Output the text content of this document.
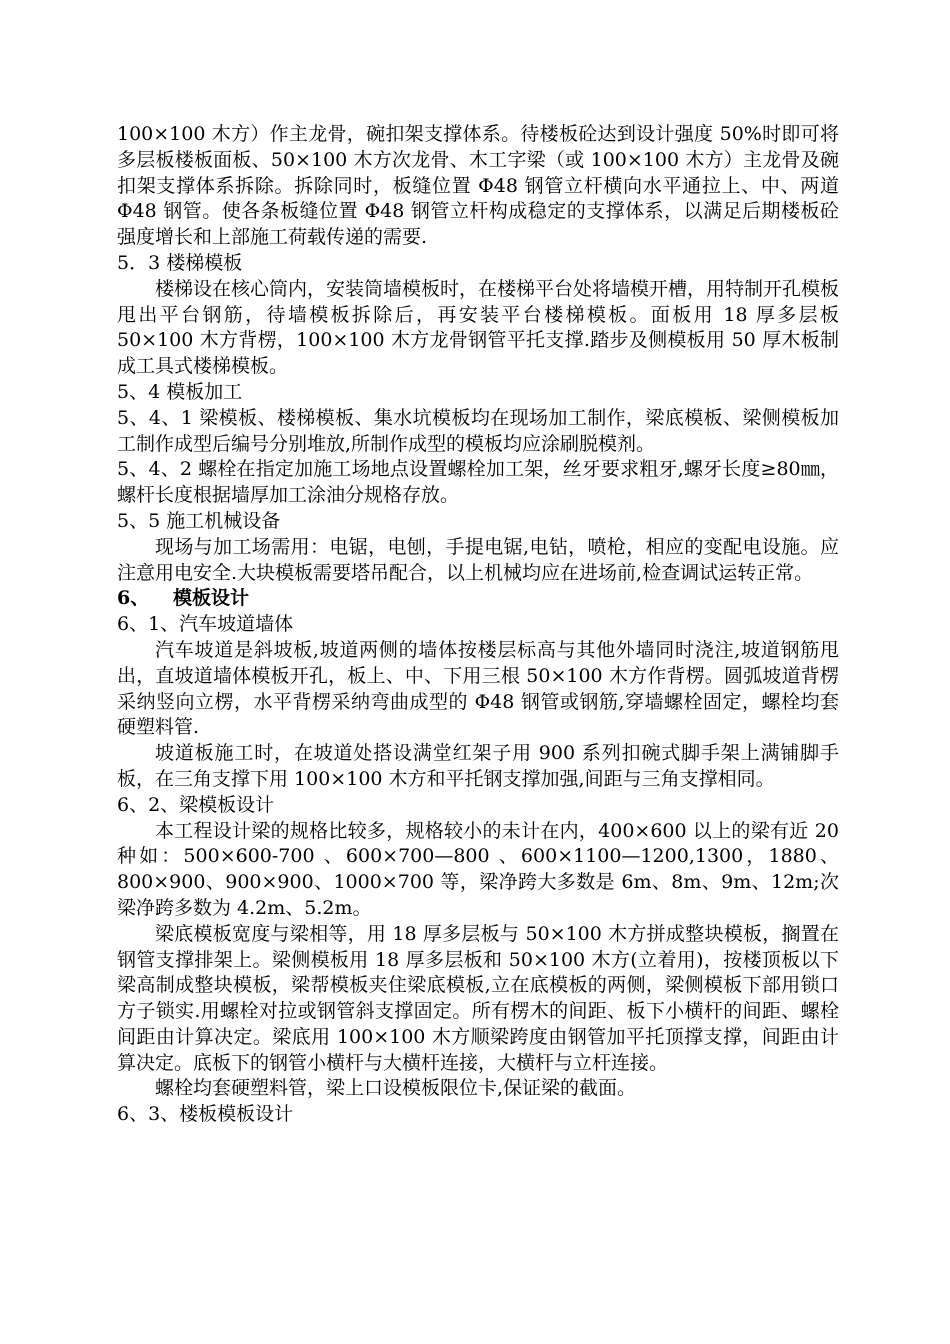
100×100 木方）作主龙骨，碗扣架支撑体系。待楼板砼达到设计强度 50%时即可将多层板楼板面板、50×100 木方次龙骨、木工字梁（或 100×100 木方）主龙骨及碗扣架支撑体系拆除。拆除同时，板缝位置 Φ48 钢管立杆横向水平通拉上、中、两道 Φ48 钢管。使各条板缝位置 Φ48 钢管立杆构成稳定的支撑体系，以满足后期楼板砼强度增长和上部施工荷载传递的需要.

5．3 楼梯模板

楼梯设在核心筒内，安装筒墙模板时，在楼梯平台处将墙模开槽，用特制开孔模板甩出平台钢筋，待墙模板拆除后，再安装平台楼梯模板。面板用 18 厚多层板 50×100 木方背楞，100×100 木方龙骨钢管平托支撑.踏步及侧模板用 50 厚木板制成工具式楼梯模板。

5、4 模板加工

5、4、1 梁模板、楼梯模板、集水坑模板均在现场加工制作，梁底模板、梁侧模板加工制作成型后编号分别堆放,所制作成型的模板均应涂刷脱模剂。

5、4、2 螺栓在指定加施工场地点设置螺栓加工架，丝牙要求粗牙,螺牙长度≥80㎜，螺杆长度根据墙厚加工涂油分规格存放。

5、5 施工机械设备

现场与加工场需用：电锯，电刨，手提电锯,电钻，喷枪，相应的变配电设施。应注意用电安全.大块模板需要塔吊配合，以上机械均应在进场前,检查调试运转正常。

6、 模板设计

6、1、汽车坡道墙体

汽车坡道是斜坡板,坡道两侧的墙体按楼层标高与其他外墙同时浇注,坡道钢筋甩出，直坡道墙体模板开孔，板上、中、下用三根 50×100 木方作背楞。圆弧坡道背楞采纳竖向立楞，水平背楞采纳弯曲成型的 Φ48 钢管或钢筋,穿墙螺栓固定，螺栓均套硬塑料管.

坡道板施工时，在坡道处搭设满堂红架子用 900 系列扣碗式脚手架上满铺脚手板，在三角支撑下用 100×100 木方和平托钢支撑加强,间距与三角支撑相同。

6、2、梁模板设计

本工程设计梁的规格比较多，规格较小的未计在内，400×600 以上的梁有近 20 种如：500×600-700 、600×700—800 、600×1100—1200,1300，1880、800×900、900×900、1000×700 等，梁净跨大多数是 6m、8m、9m、12m;次梁净跨多数为 4.2m、5.2m。

梁底模板宽度与梁相等，用 18 厚多层板与 50×100 木方拼成整块模板，搁置在钢管支撑排架上。梁侧模板用 18 厚多层板和 50×100 木方(立着用)，按楼顶板以下梁高制成整块模板，梁帮模板夹住梁底模板,立在底模板的两侧，梁侧模板下部用锁口方子锁实.用螺栓对拉或钢管斜支撑固定。所有楞木的间距、板下小横杆的间距、螺栓间距由计算决定。梁底用 100×100 木方顺梁跨度由钢管加平托顶撑支撑，间距由计算决定。底板下的钢管小横杆与大横杆连接，大横杆与立杆连接。

螺栓均套硬塑料管，梁上口设模板限位卡,保证梁的截面。

6、3、楼板模板设计
